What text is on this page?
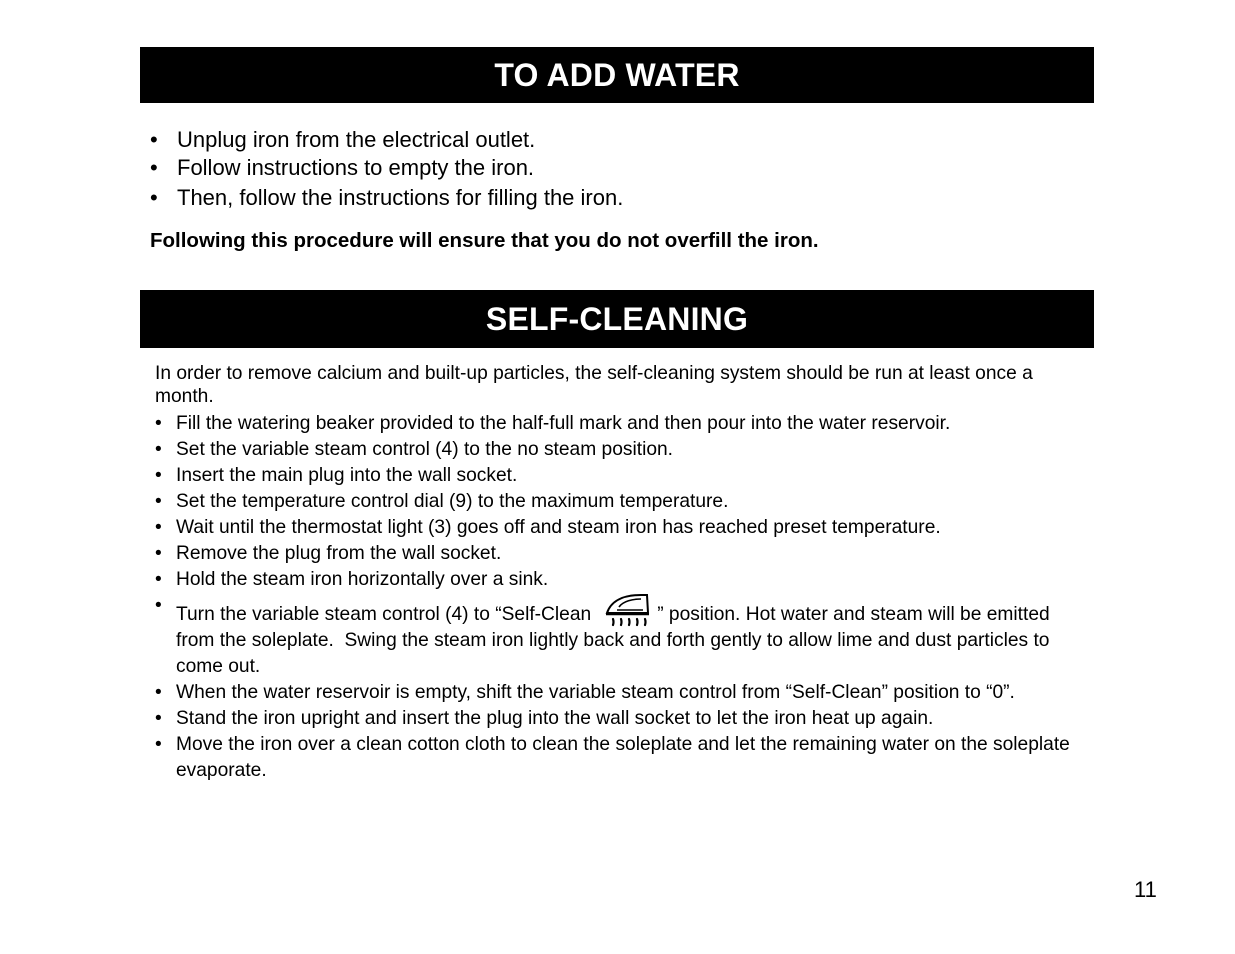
TO ADD WATER
• Unplug iron from the electrical outlet.
• Follow instructions to empty the iron.
• Then, follow the instructions for filling the iron.
Following this procedure will ensure that you do not overfill the iron.
SELF-CLEANING

In order to remove calcium and built-up particles, the self-cleaning system should be run at least once a month.

• Fill the watering beaker provided to the half-full mark and then pour into the water reservoir.
• Set the variable steam control (4) to the no steam position.
• Insert the main plug into the wall socket.
• Set the temperature control dial (9) to the maximum temperature.
• Wait until the thermostat light (3) goes off and steam iron has reached preset temperature.
• Remove the plug from the wall socket.
• Hold the steam iron horizontally over a sink.
• Turn the variable steam control (4) to “Self-Clean	” position. Hot water and steam will be emitted from the soleplate.  Swing the steam iron lightly back and forth gently to allow lime and dust particles to come out.
• When the water reservoir is empty, shift the variable steam control from “Self-Clean” position to “0”.
• Stand the iron upright and insert the plug into the wall socket to let the iron heat up again.
• Move the iron over a clean cotton cloth to clean the soleplate and let the remaining water on the soleplate evaporate.
11
